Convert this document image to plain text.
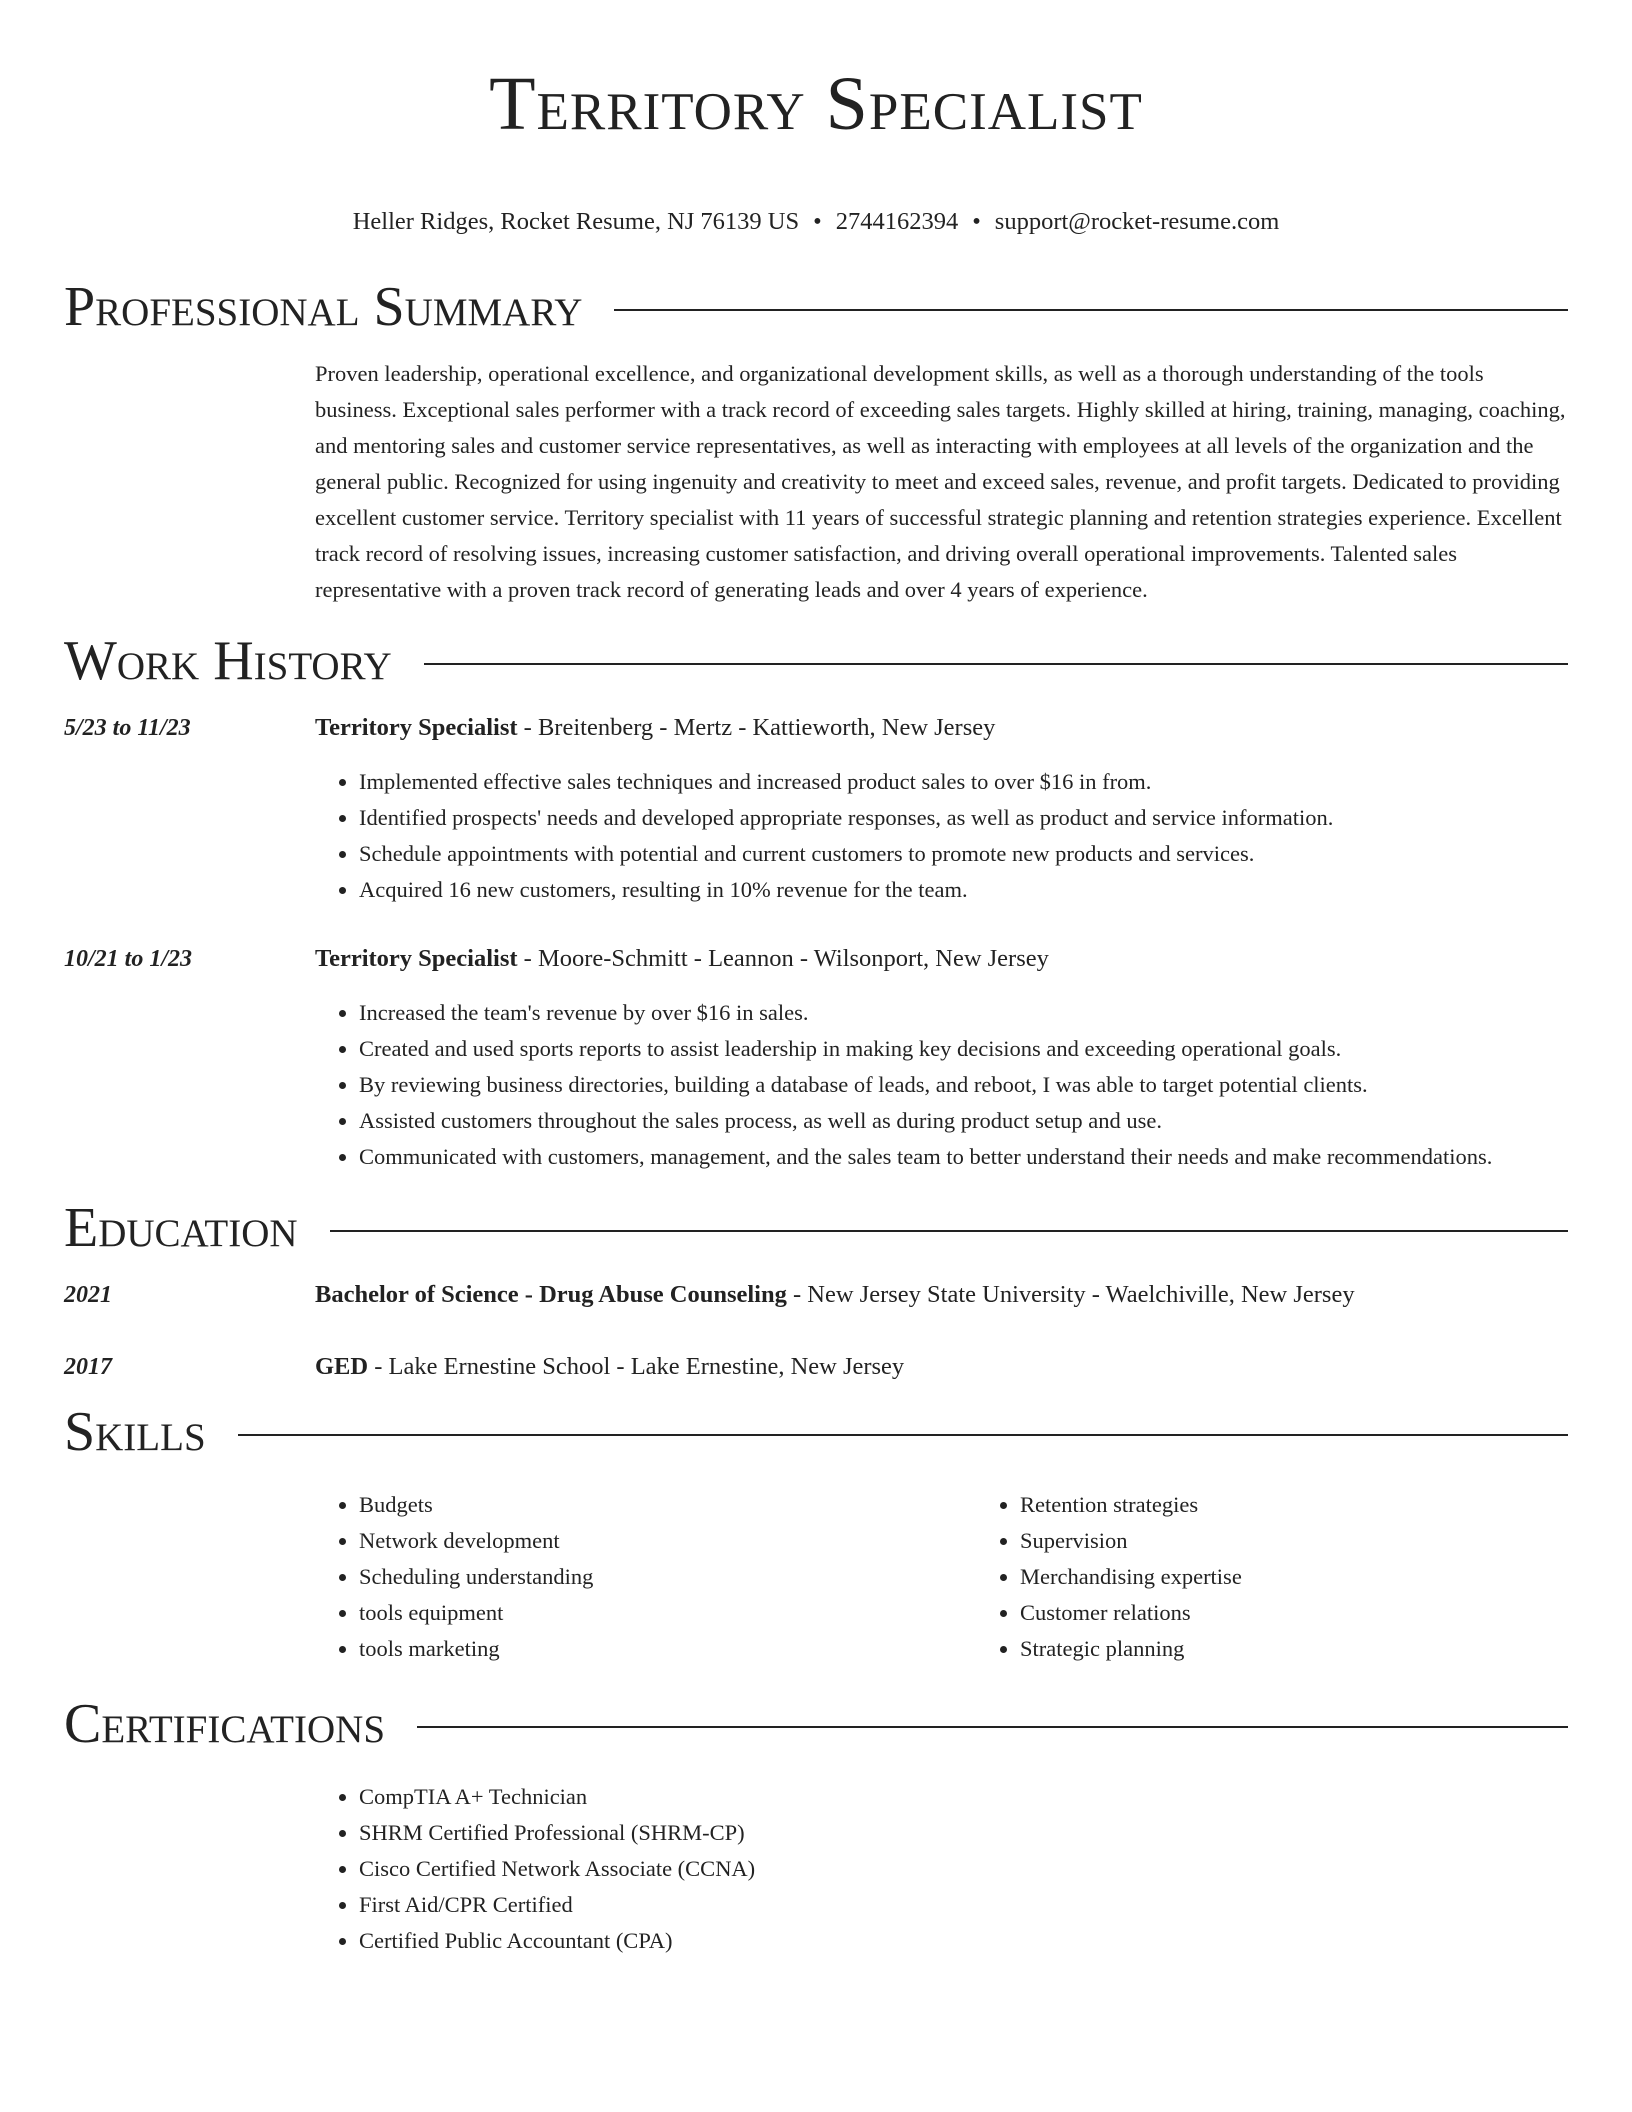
Territory Specialist

Heller Ridges, Rocket Resume, NJ 76139 US • 2744162394 • support@rocket-resume.com

Professional Summary

Proven leadership, operational excellence, and organizational development skills, as well as a thorough understanding of the tools business. Exceptional sales performer with a track record of exceeding sales targets. Highly skilled at hiring, training, managing, coaching, and mentoring sales and customer service representatives, as well as interacting with employees at all levels of the organization and the general public. Recognized for using ingenuity and creativity to meet and exceed sales, revenue, and profit targets. Dedicated to providing excellent customer service. Territory specialist with 11 years of successful strategic planning and retention strategies experience. Excellent track record of resolving issues, increasing customer satisfaction, and driving overall operational improvements. Talented sales representative with a proven track record of generating leads and over 4 years of experience.

Work History
5/23 to 11/23	Territory Specialist - Breitenberg - Mertz - Kattieworth, New Jersey
• Implemented effective sales techniques and increased product sales to over $16 in from.
• Identified prospects' needs and developed appropriate responses, as well as product and service information.
• Schedule appointments with potential and current customers to promote new products and services.
• Acquired 16 new customers, resulting in 10% revenue for the team.
10/21 to 1/23	Territory Specialist - Moore-Schmitt - Leannon - Wilsonport, New Jersey
• Increased the team's revenue by over $16 in sales.
• Created and used sports reports to assist leadership in making key decisions and exceeding operational goals.
• By reviewing business directories, building a database of leads, and reboot, I was able to target potential clients.
• Assisted customers throughout the sales process, as well as during product setup and use.
• Communicated with customers, management, and the sales team to better understand their needs and make recommendations.
Education
2021	Bachelor of Science - Drug Abuse Counseling - New Jersey State University - Waelchiville, New Jersey
2017	GED - Lake Ernestine School - Lake Ernestine, New Jersey
Skills
• Budgets
• Network development
• Scheduling understanding
• tools equipment
• tools marketing
• Retention strategies
• Supervision
• Merchandising expertise
• Customer relations
• Strategic planning
Certifications
• CompTIA A+ Technician
• SHRM Certified Professional (SHRM-CP)
• Cisco Certified Network Associate (CCNA)
• First Aid/CPR Certified
• Certified Public Accountant (CPA)
